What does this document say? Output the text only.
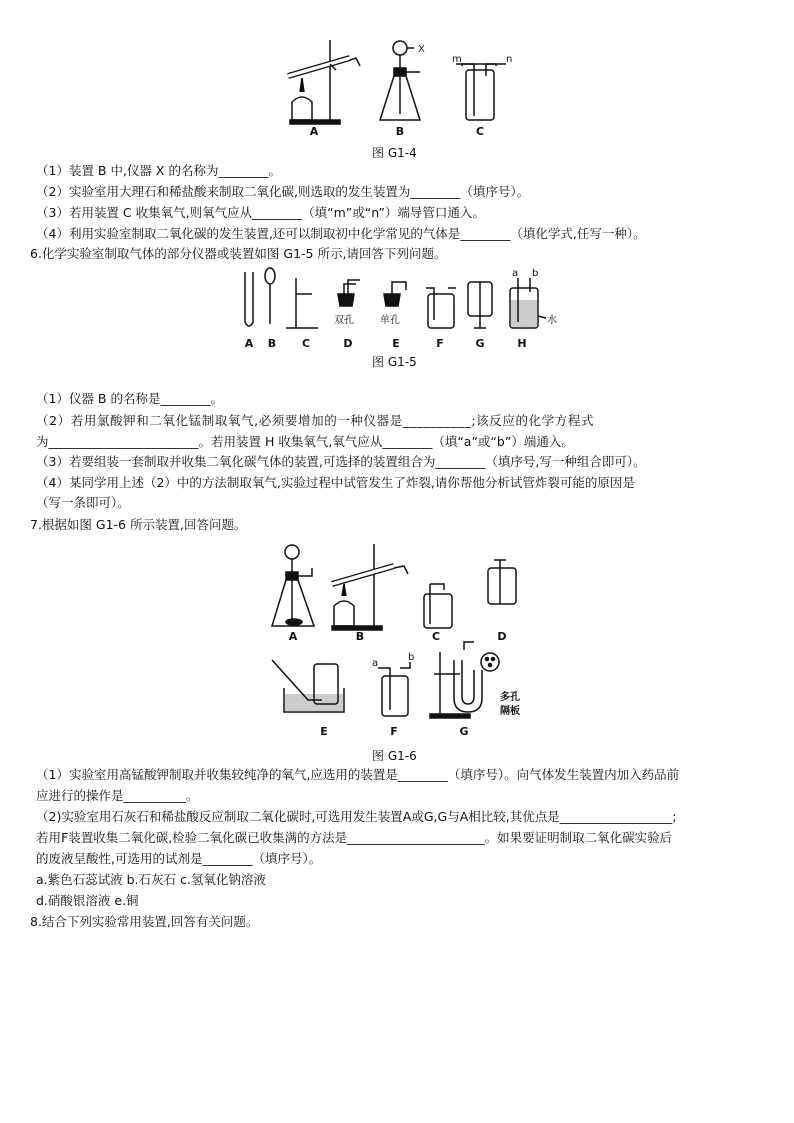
A
X
B
m	n
C
图 G1-4
（1）装置 B 中,仪器 X 的名称为________。
（2）实验室用大理石和稀盐酸来制取二氧化碳,则选取的发生装置为________（填序号）。
（3）若用装置 C 收集氧气,则氧气应从________（填“m”或“n”）端导管口通入。
（4）利用实验室制取二氧化碳的发生装置,还可以制取初中化学常见的气体是________（填化学式,任写一种）。
6.化学实验室制取气体的部分仪器或装置如图 G1-5 所示,请回答下列问题。
双孔	单孔
a b
水
A B C	D	E	F	G	H
图 G1-5
（1）仪器 B 的名称是________。
（2）若用氯酸钾和二氧化锰制取氧气,必须要增加的一种仪器是__________;该反应的化学方程式
为________________________。若用装置 H 收集氧气,氧气应从________（填“a”或“b”）端通入。
（3）若要组装一套制取并收集二氧化碳气体的装置,可选择的装置组合为________（填序号,写一种组合即可）。
（4）某同学用上述（2）中的方法制取氧气,实验过程中试管发生了炸裂,请你帮他分析试管炸裂可能的原因是
（写一条即可）。
7.根据如图 G1-6 所示装置,回答问题。
a
b
多孔
隔板
A	B	C	D
E	F	G
图 G1-6
（1）实验室用高锰酸钾制取并收集较纯净的氧气,应选用的装置是________（填序号）。向气体发生装置内加入药品前
应进行的操作是__________。
（2)实验室用石灰石和稀盐酸反应制取二氧化碳时,可选用发生装置A或G,G与A相比较,其优点是__________________;
若用F装置收集二氧化碳,检验二氧化碳已收集满的方法是______________________。如果要证明制取二氧化碳实验后
的废液呈酸性,可选用的试剂是________（填序号）。
a.紫色石蕊试液 b.石灰石 c.氢氧化钠溶液
d.硝酸银溶液 e.铜
8.结合下列实验常用装置,回答有关问题。
